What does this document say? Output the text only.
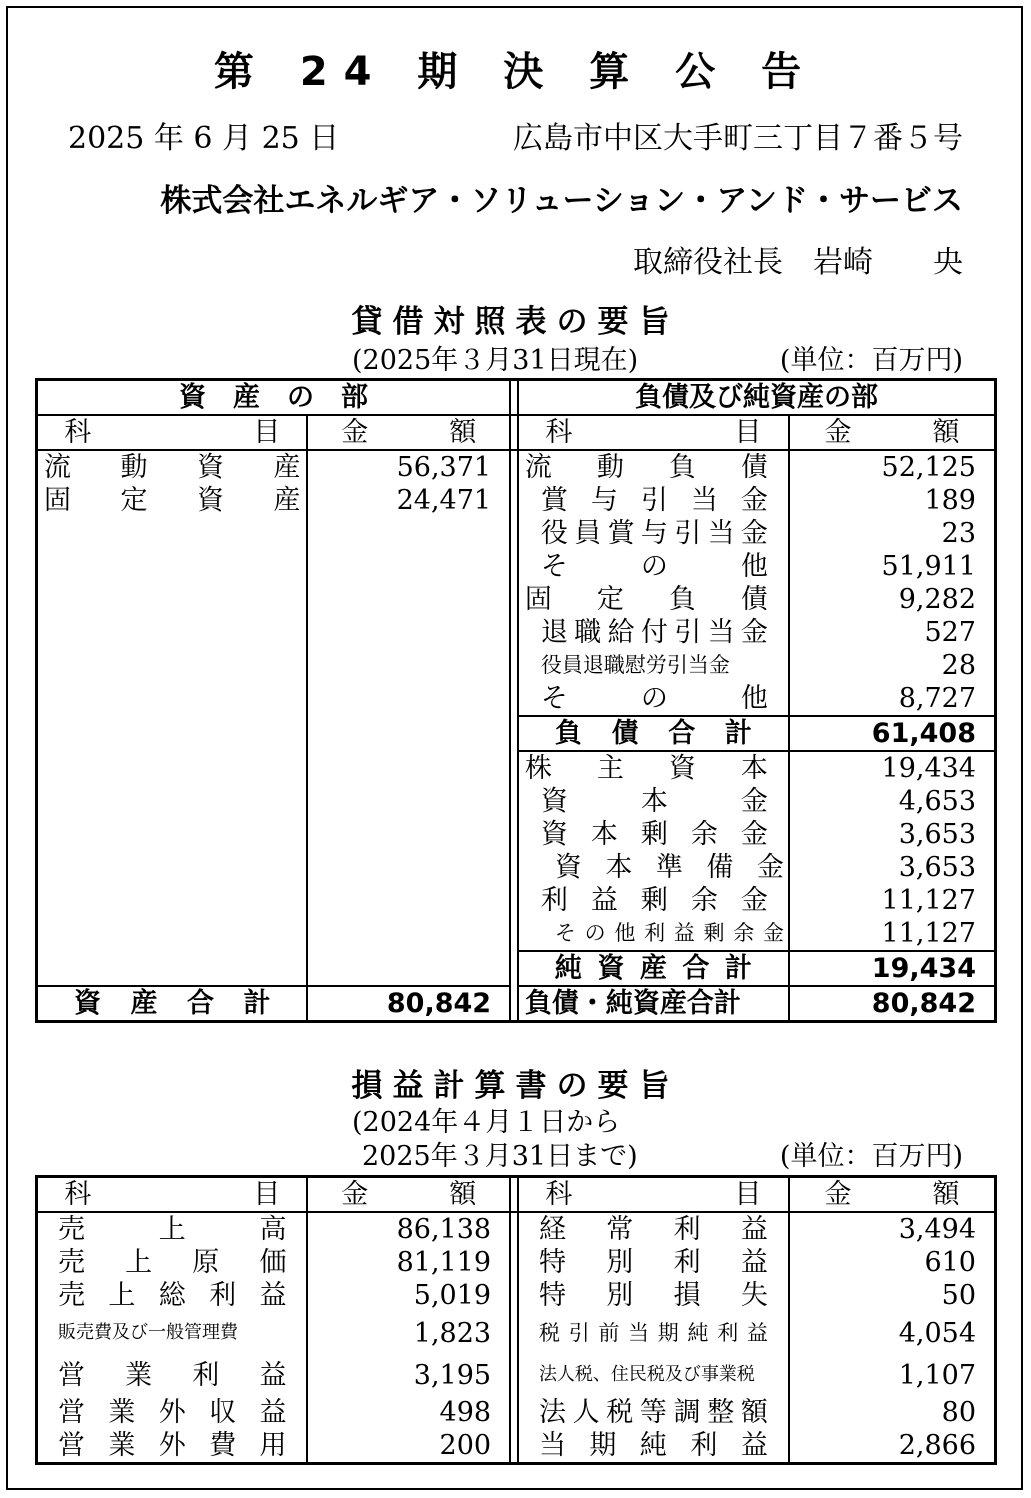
第 24 期 決 算 公 告
2025 年 6 月 25 日	広島市中区大手町三丁目７番５号
株式会社エネルギア・ソリューション・アンド・サービス
取締役社長　岩崎　　央
貸借対照表の要旨
(2025年３月31日現在)	(単位：百万円)
資　産　の　部			負債及び純資産の部	
科　　　　　　目	金　　　額		科　　　　　　目	金　　　額
流動資産	56,371		流動負債	52,125
固定資産	24,471		賞与引当金	189
			役員賞与引当金	23
			そ　の　他	51,911
			固定負債	9,282
			退職給付引当金	527
			役員退職慰労引当金	28
			そ　の　他	8,727
			負債合計	61,408
			株主資本	19,434
			資本金	4,653
			資本剰余金	3,653
			資本準備金	3,653
			利益剰余金	11,127
			その他利益剰余金	11,127
			純資産合計	19,434
資産合計	80,842		負債・純資産合計	80,842
損益計算書の要旨
(2024年４月１日から
2025年３月31日まで)	(単位：百万円)
科　　　　　　目	金　　　額		科　　　　　　目	金　　　額
売上高	86,138		経常利益	3,494
売上原価	81,119		特別利益	610
売上総利益	5,019		特別損失	50
販売費及び一般管理費	1,823		税引前当期純利益	4,054
営業利益	3,195		法人税、住民税及び事業税	1,107
営業外収益	498		法人税等調整額	80
営業外費用	200		当期純利益	2,866
